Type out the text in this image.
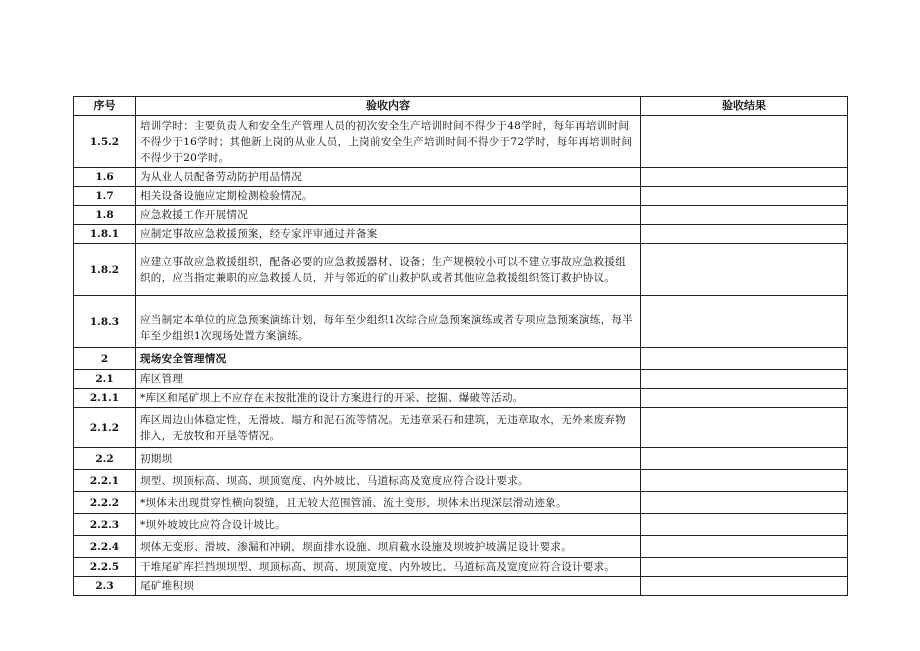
序号	验收内容	验收结果
1.5.2	培训学时：主要负责人和安全生产管理人员的初次安全生产培训时间不得少于48学时，每年再培训时间不得少于16学时；其他新上岗的从业人员，上岗前安全生产培训时间不得少于72学时，每年再培训时间不得少于20学时。	
1.6	为从业人员配备劳动防护用品情况	
1.7	相关设备设施应定期检测检验情况。	
1.8	应急救援工作开展情况	
1.8.1	应制定事故应急救援预案，经专家评审通过并备案	
1.8.2	应建立事故应急救援组织，配备必要的应急救援器材、设备；生产规模较小可以不建立事故应急救援组织的，应当指定兼职的应急救援人员，并与邻近的矿山救护队或者其他应急救援组织签订救护协议。	
1.8.3	应当制定本单位的应急预案演练计划，每年至少组织1次综合应急预案演练或者专项应急预案演练，每半年至少组织1次现场处置方案演练。	
2	现场安全管理情况	
2.1	库区管理	
2.1.1	*库区和尾矿坝上不应存在未按批准的设计方案进行的开采、挖掘、爆破等活动。	
2.1.2	库区周边山体稳定性，无滑坡、塌方和泥石流等情况。无违章采石和建筑，无违章取水，无外来废弃物排入，无放牧和开垦等情况。	
2.2	初期坝	
2.2.1	坝型、坝顶标高、坝高、坝顶宽度、内外坡比、马道标高及宽度应符合设计要求。	
2.2.2	*坝体未出现贯穿性横向裂缝，且无较大范围管涌、流土变形，坝体未出现深层滑动迹象。	
2.2.3	*坝外坡坡比应符合设计坡比。	
2.2.4	坝体无变形、滑坡、渗漏和冲刷，坝面排水设施、坝肩截水设施及坝坡护坡满足设计要求。	
2.2.5	干堆尾矿库拦挡坝坝型、坝顶标高、坝高、坝顶宽度、内外坡比、马道标高及宽度应符合设计要求。	
2.3	尾矿堆积坝	
